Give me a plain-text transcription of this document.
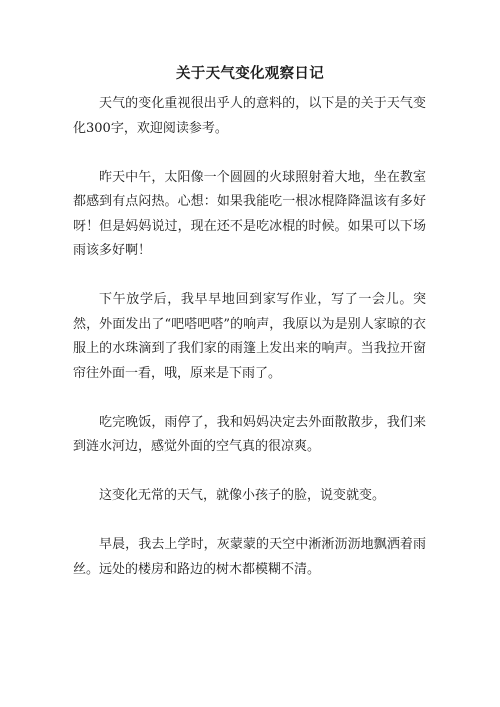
关于天气变化观察日记

天气的变化重视很出乎人的意料的，以下是的关于天气变化300字，欢迎阅读参考。

昨天中午，太阳像一个圆圆的火球照射着大地，坐在教室都感到有点闷热。心想：如果我能吃一根冰棍降降温该有多好呀！但是妈妈说过，现在还不是吃冰棍的时候。如果可以下场雨该多好啊！

下午放学后，我早早地回到家写作业，写了一会儿。突然，外面发出了“吧嗒吧嗒”的响声，我原以为是别人家晾的衣服上的水珠滴到了我们家的雨篷上发出来的响声。当我拉开窗帘往外面一看，哦，原来是下雨了。

吃完晚饭，雨停了，我和妈妈决定去外面散散步，我们来到涟水河边，感觉外面的空气真的很凉爽。

这变化无常的天气，就像小孩子的脸，说变就变。

早晨，我去上学时，灰蒙蒙的天空中淅淅沥沥地飘洒着雨丝。远处的楼房和路边的树木都模糊不清。
